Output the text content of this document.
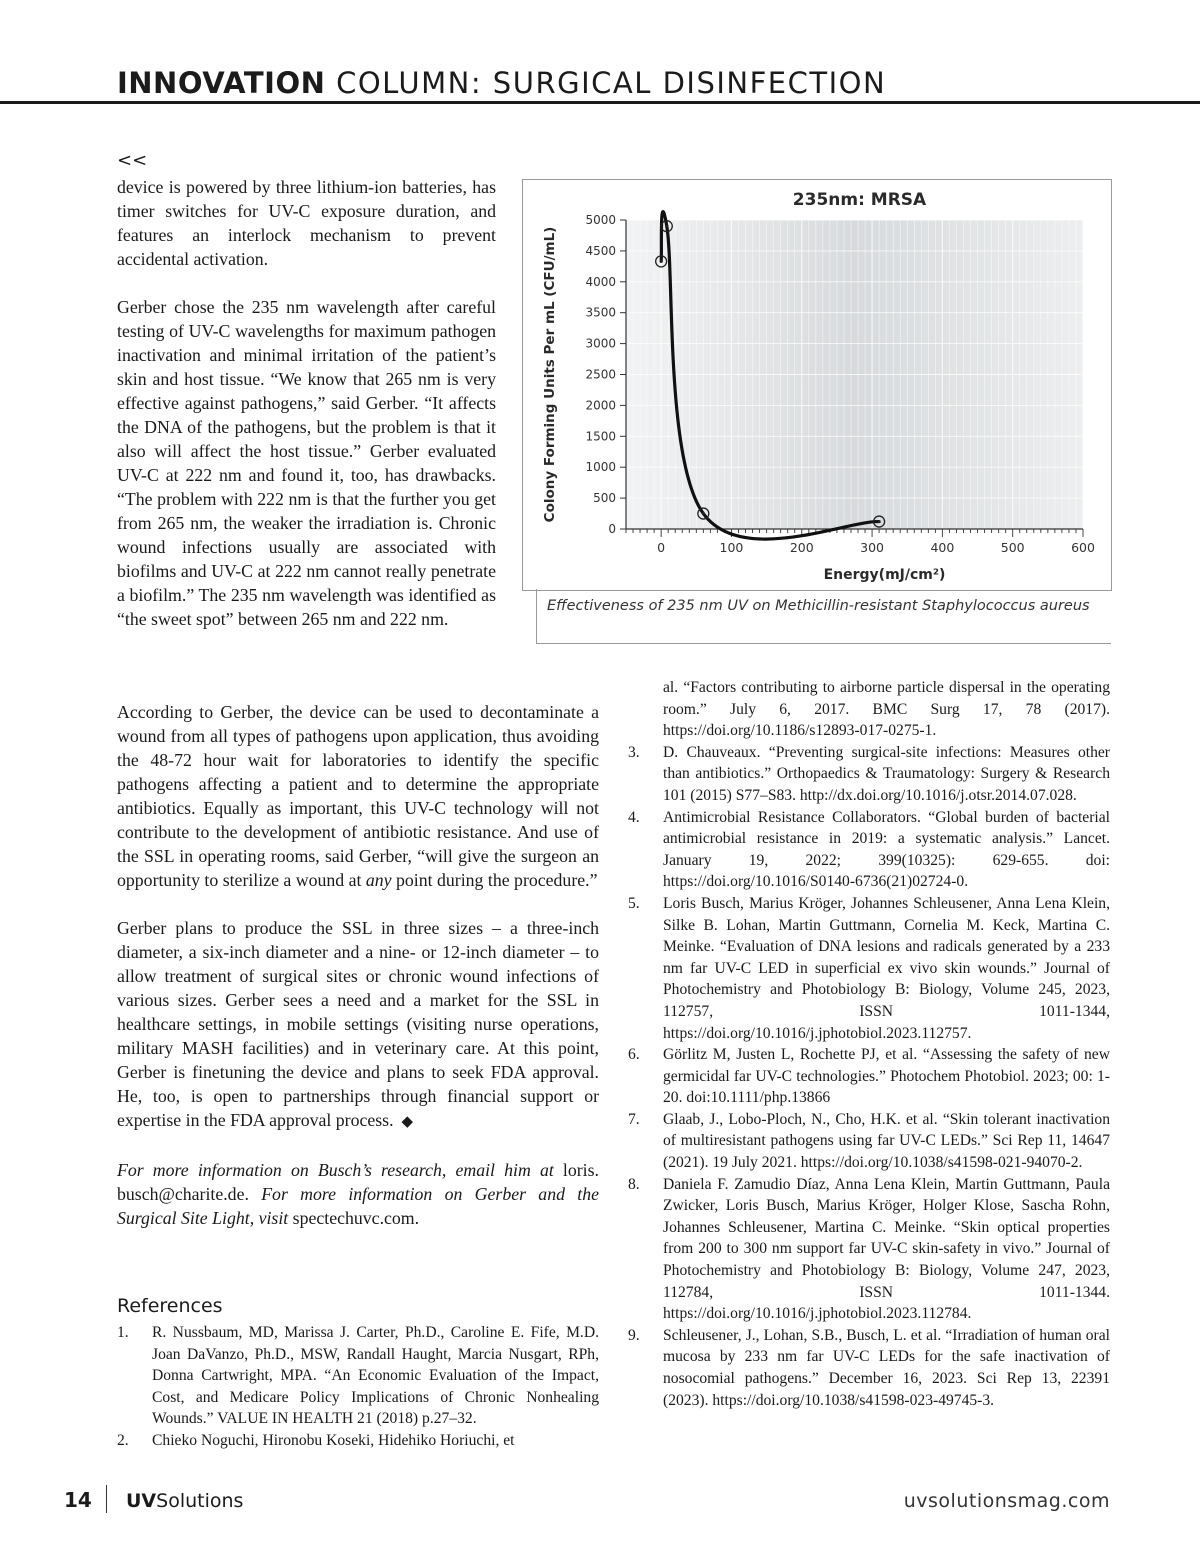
INNOVATION COLUMN: SURGICAL DISINFECTION
<<

device is powered by three lithium-ion batteries, has timer switches for UV-C exposure duration, and features an interlock mechanism to prevent accidental activation.

Gerber chose the 235 nm wavelength after careful testing of UV-C wavelengths for maximum pathogen inactivation and minimal irritation of the patient’s skin and host tissue. “We know that 265 nm is very effective against pathogens,” said Gerber. “It affects the DNA of the pathogens, but the problem is that it also will affect the host tissue.” Gerber evaluated UV-C at 222 nm and found it, too, has drawbacks. “The problem with 222 nm is that the further you get from 265 nm, the weaker the irradiation is. Chronic wound infections usually are associated with biofilms and UV-C at 222 nm cannot really penetrate a biofilm.” The 235 nm wavelength was identified as “the sweet spot” between 265 nm and 222 nm.

According to Gerber, the device can be used to decontaminate a wound from all types of pathogens upon application, thus avoiding the 48-72 hour wait for laboratories to identify the specific pathogens affecting a patient and to determine the appropriate antibiotics. Equally as important, this UV-C technology will not contribute to the development of antibiotic resistance. And use of the SSL in operating rooms, said Gerber, “will give the surgeon an opportunity to sterilize a wound at any point during the procedure.”

Gerber plans to produce the SSL in three sizes – a three-inch diameter, a six-inch diameter and a nine- or 12-inch diameter – to allow treatment of surgical sites or chronic wound infections of various sizes. Gerber sees a need and a market for the SSL in healthcare settings, in mobile settings (visiting nurse operations, military MASH facilities) and in veterinary care. At this point, Gerber is finetuning the device and plans to seek FDA approval. He, too, is open to partnerships through financial support or expertise in the FDA approval process. ◆

For more information on Busch’s research, email him at loris. busch@charite.de. For more information on Gerber and the Surgical Site Light, visit spectechuvc.com.

References
1. R. Nussbaum, MD, Marissa J. Carter, Ph.D., Caroline E. Fife, M.D. Joan DaVanzo, Ph.D., MSW, Randall Haught, Marcia Nusgart, RPh, Donna Cartwright, MPA. “An Economic Evaluation of the Impact, Cost, and Medicare Policy Implications of Chronic Nonhealing Wounds.” VALUE IN HEALTH 21 (2018) p.27–32.
2. Chieko Noguchi, Hironobu Koseki, Hidehiko Horiuchi, et
al. “Factors contributing to airborne particle dispersal in the operating room.” July 6, 2017. BMC Surg 17, 78 (2017). https://doi.org/10.1186/s12893-017-0275-1.
3. D. Chauveaux. “Preventing surgical-site infections: Measures other than antibiotics.” Orthopaedics & Traumatology: Surgery & Research 101 (2015) S77–S83. http://dx.doi.org/10.1016/j.otsr.2014.07.028.
4. Antimicrobial Resistance Collaborators. “Global burden of bacterial antimicrobial resistance in 2019: a systematic analysis.” Lancet. January 19, 2022; 399(10325): 629-655. doi: https://doi.org/10.1016/S0140-6736(21)02724-0.
5. Loris Busch, Marius Kröger, Johannes Schleusener, Anna Lena Klein, Silke B. Lohan, Martin Guttmann, Cornelia M. Keck, Martina C. Meinke. “Evaluation of DNA lesions and radicals generated by a 233 nm far UV-C LED in superficial ex vivo skin wounds.” Journal of Photochemistry and Photobiology B: Biology, Volume 245, 2023, 112757, ISSN 1011-1344, https://doi.org/10.1016/j.jphotobiol.2023.112757.
6. Görlitz M, Justen L, Rochette PJ, et al. “Assessing the safety of new germicidal far UV-C technologies.” Photochem Photobiol. 2023; 00: 1-20. doi:10.1111/php.13866
7. Glaab, J., Lobo-Ploch, N., Cho, H.K. et al. “Skin tolerant inactivation of multiresistant pathogens using far UV-C LEDs.” Sci Rep 11, 14647 (2021). 19 July 2021. https://doi.org/10.1038/s41598-021-94070-2.
8. Daniela F. Zamudio Díaz, Anna Lena Klein, Martin Guttmann, Paula Zwicker, Loris Busch, Marius Kröger, Holger Klose, Sascha Rohn, Johannes Schleusener, Martina C. Meinke. “Skin optical properties from 200 to 300 nm support far UV-C skin-safety in vivo.” Journal of Photochemistry and Photobiology B: Biology, Volume 247, 2023, 112784, ISSN 1011-1344. https://doi.org/10.1016/j.jphotobiol.2023.112784.
9. Schleusener, J., Lohan, S.B., Busch, L. et al. “Irradiation of human oral mucosa by 233 nm far UV-C LEDs for the safe inactivation of nosocomial pathogens.” December 16, 2023. Sci Rep 13, 22391 (2023). https://doi.org/10.1038/s41598-023-49745-3.
0
500
1000
1500
2000
2500
3000
3500
4000
4500
5000
0	100	200	300	400	500	600
235nm: MRSA
Energy(mJ/cm²)
Colony Forming Units Per mL (CFU/mL)
Effectiveness of 235 nm UV on Methicillin-resistant Staphylococcus aureus
14 UVSolutions	uvsolutionsmag.com
